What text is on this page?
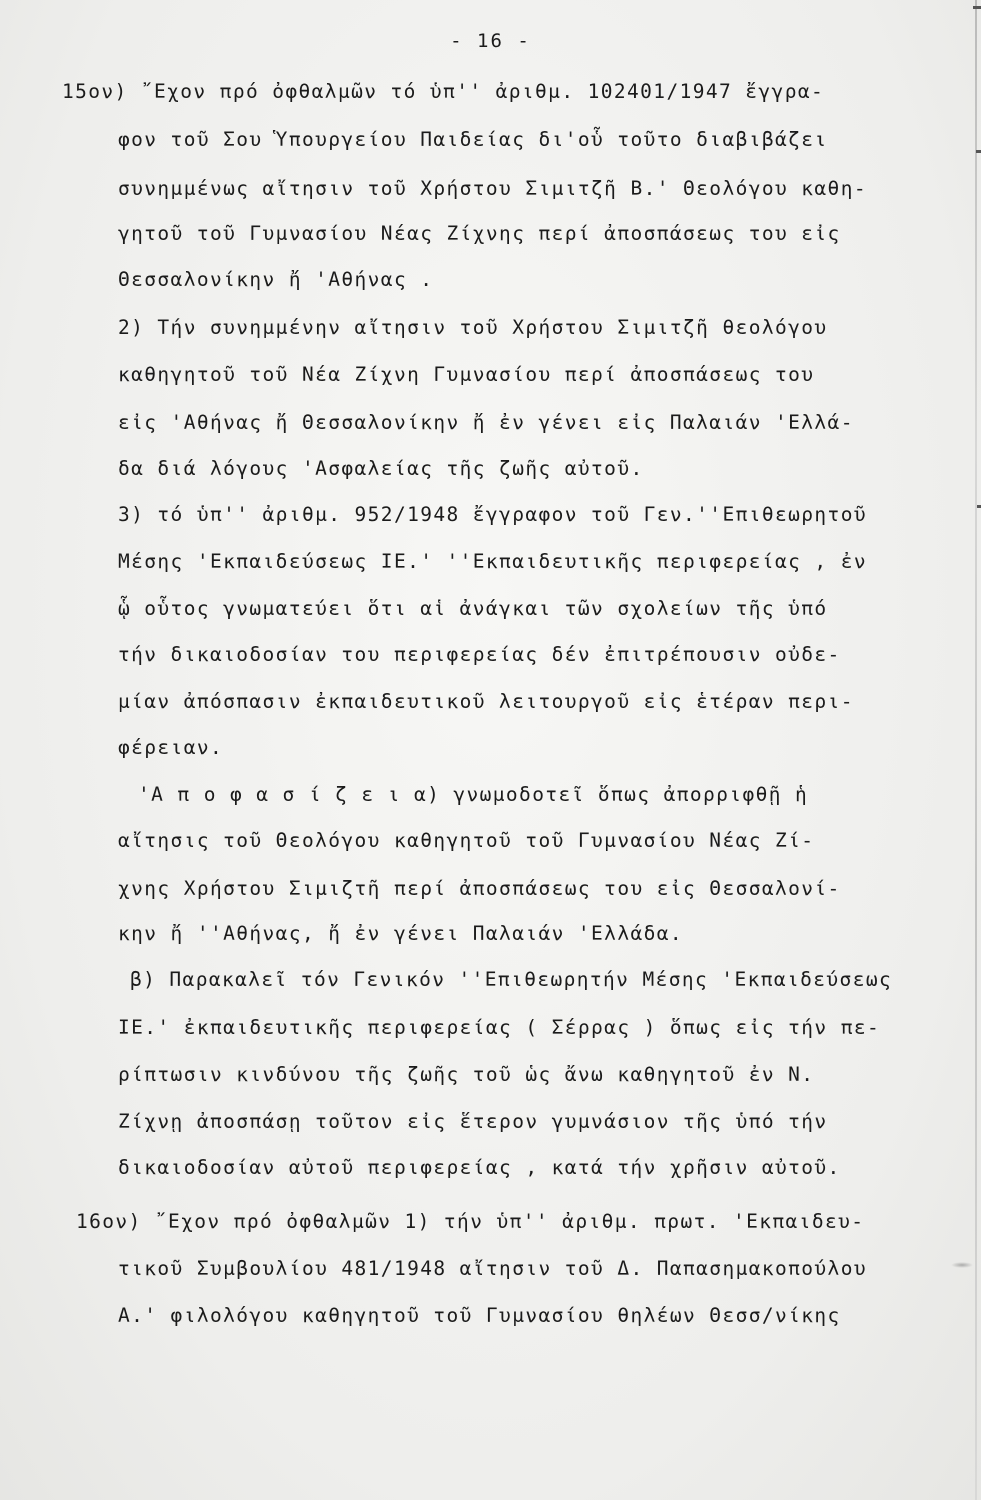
- 16 -
15ον) ῎Εχον πρό ὀφθαλμῶν τό ὑπ'' ἀριθμ. 102401/1947 ἔγγρα-
φον τοῦ Σου Ὑπουργείου Παιδείας δι'οὗ τοῦτο διαβιβάζει
συνημμένως αἴτησιν τοῦ Χρήστου Σιμιτζῆ Β.' Θεολόγου καθη-
γητοῦ τοῦ Γυμνασίου Νέας Ζίχνης περί ἀποσπάσεως του εἰς
Θεσσαλονίκην ἤ 'Αθήνας .
2) Τήν συνημμένην αἴτησιν τοῦ Χρήστου Σιμιτζῆ θεολόγου
καθηγητοῦ τοῦ Νέα Ζίχνη Γυμνασίου περί ἀποσπάσεως του
εἰς 'Αθήνας ἤ Θεσσαλονίκην ἤ ἐν γένει εἰς Παλαιάν 'Ελλά-
δα διά λόγους 'Ασφαλείας τῆς ζωῆς αὐτοῦ.
3) τό ὑπ'' ἀριθμ. 952/1948 ἔγγραφον τοῦ Γεν.''Επιθεωρητοῦ
Μέσης 'Εκπαιδεύσεως ΙΕ.' ''Εκπαιδευτικῆς περιφερείας , ἐν
ᾧ οὗτος γνωματεύει ὅτι αἱ ἀνάγκαι τῶν σχολείων τῆς ὑπό
τήν δικαιοδοσίαν του περιφερείας δέν ἐπιτρέπουσιν οὐδε-
μίαν ἀπόσπασιν ἐκπαιδευτικοῦ λειτουργοῦ εἰς ἑτέραν περι-
φέρειαν.
'Α π ο φ α σ ί ζ ε ι α) γνωμοδοτεῖ ὅπως ἀπορριφθῇ ἡ
αἴτησις τοῦ Θεολόγου καθηγητοῦ τοῦ Γυμνασίου Νέας Ζί-
χνης Χρήστου Σιμιζτῆ περί ἀποσπάσεως του εἰς Θεσσαλονί-
κην ἤ ''Αθήνας, ἤ ἐν γένει Παλαιάν 'Ελλάδα.
β) Παρακαλεῖ τόν Γενικόν ''Επιθεωρητήν Μέσης 'Εκπαιδεύσεως
ΙΕ.' ἐκπαιδευτικῆς περιφερείας ( Σέρρας ) ὅπως εἰς τήν πε-
ρίπτωσιν κινδύνου τῆς ζωῆς τοῦ ὡς ἄνω καθηγητοῦ ἐν Ν.
Ζίχνῃ ἀποσπάσῃ τοῦτον εἰς ἕτερον γυμνάσιον τῆς ὑπό τήν
δικαιοδοσίαν αὐτοῦ περιφερείας , κατά τήν χρῆσιν αὐτοῦ.
16ον) ῎Εχον πρό ὀφθαλμῶν 1) τήν ὑπ'' ἀριθμ. πρωτ. 'Εκπαιδευ-
τικοῦ Συμβουλίου 481/1948 αἴτησιν τοῦ Δ. Παπασημακοπούλου
Α.' φιλολόγου καθηγητοῦ τοῦ Γυμνασίου θηλέων Θεσσ/νίκης
